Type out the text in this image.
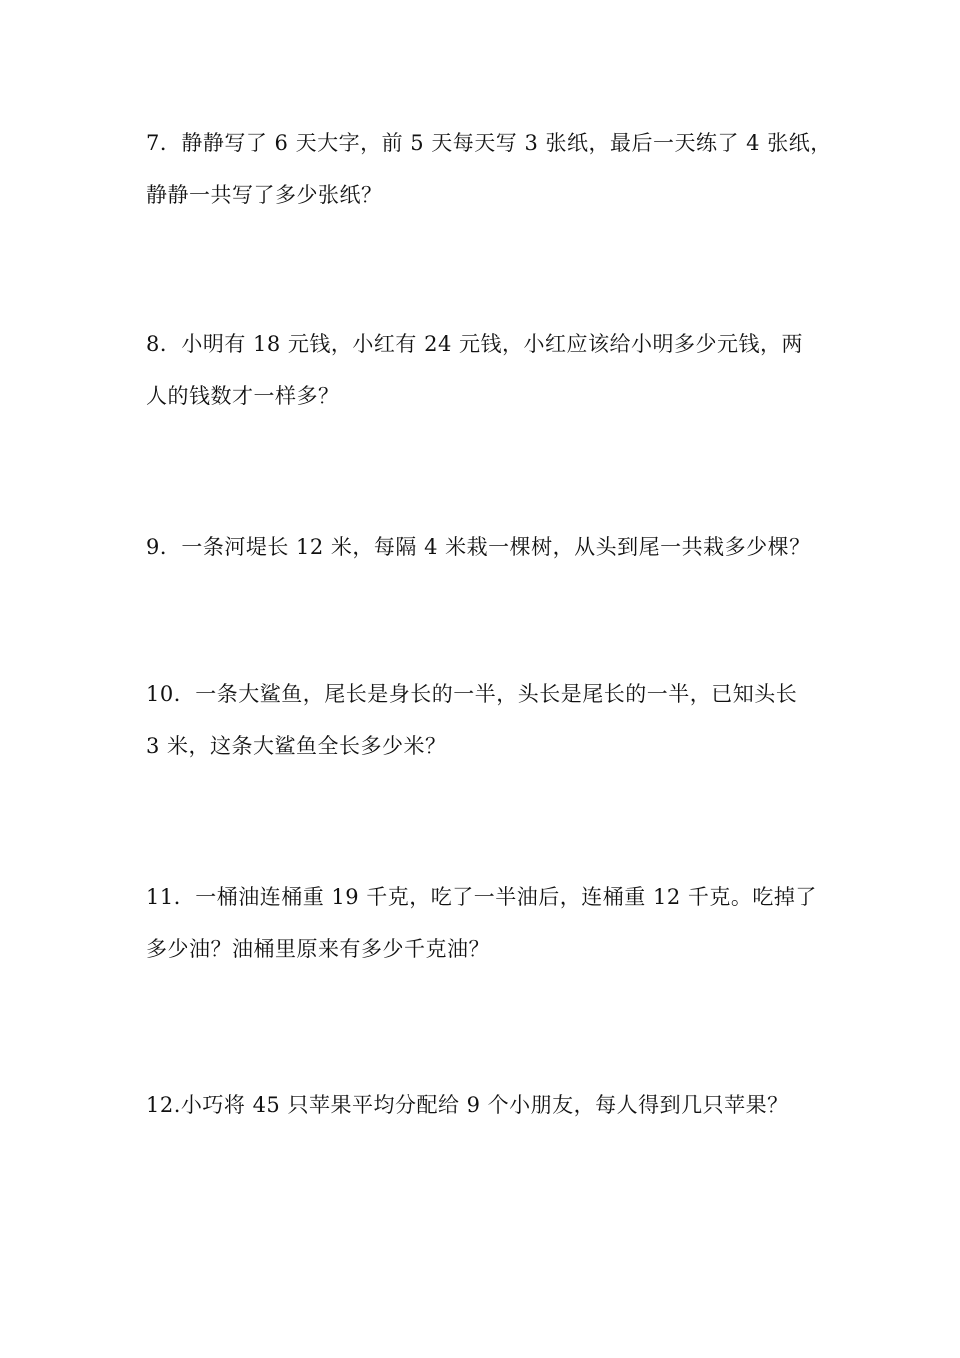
7．静静写了 6 天大字，前 5 天每天写 3 张纸，最后一天练了 4 张纸，
静静一共写了多少张纸？

8．小明有 18 元钱，小红有 24 元钱，小红应该给小明多少元钱，两
人的钱数才一样多？

9．一条河堤长 12 米，每隔 4 米栽一棵树，从头到尾一共栽多少棵？

10．一条大鲨鱼，尾长是身长的一半，头长是尾长的一半，已知头长
3 米，这条大鲨鱼全长多少米？

11．一桶油连桶重 19 千克，吃了一半油后，连桶重 12 千克。吃掉了
多少油？油桶里原来有多少千克油？

12.小巧将 45 只苹果平均分配给 9 个小朋友，每人得到几只苹果？
